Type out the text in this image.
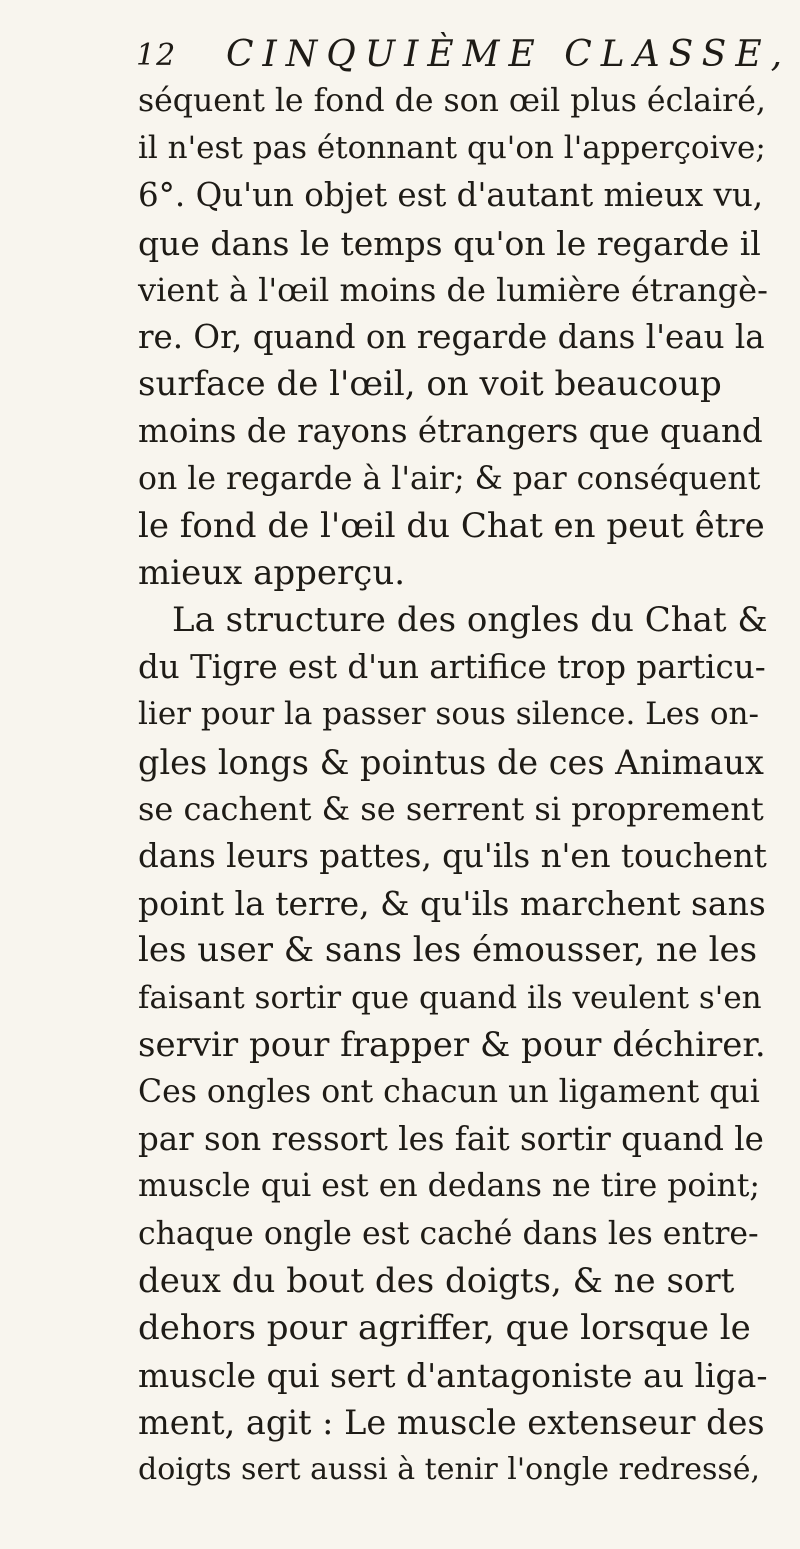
12 CINQUIÈME CLASSE,
séquent le fond de son œil plus éclairé,
il n'est pas étonnant qu'on l'apperçoive;
6°. Qu'un objet est d'autant mieux vu,
que dans le temps qu'on le regarde il
vient à l'œil moins de lumière étrangè-
re. Or, quand on regarde dans l'eau la
surface de l'œil, on voit beaucoup
moins de rayons étrangers que quand
on le regarde à l'air; & par conséquent
le fond de l'œil du Chat en peut être
mieux apperçu.
La structure des ongles du Chat &
du Tigre est d'un artifice trop particu-
lier pour la passer sous silence. Les on-
gles longs & pointus de ces Animaux
se cachent & se serrent si proprement
dans leurs pattes, qu'ils n'en touchent
point la terre, & qu'ils marchent sans
les user & sans les émousser, ne les
faisant sortir que quand ils veulent s'en
servir pour frapper & pour déchirer.
Ces ongles ont chacun un ligament qui
par son ressort les fait sortir quand le
muscle qui est en dedans ne tire point;
chaque ongle est caché dans les entre-
deux du bout des doigts, & ne sort
dehors pour agriffer, que lorsque le
muscle qui sert d'antagoniste au liga-
ment, agit : Le muscle extenseur des
doigts sert aussi à tenir l'ongle redressé,
